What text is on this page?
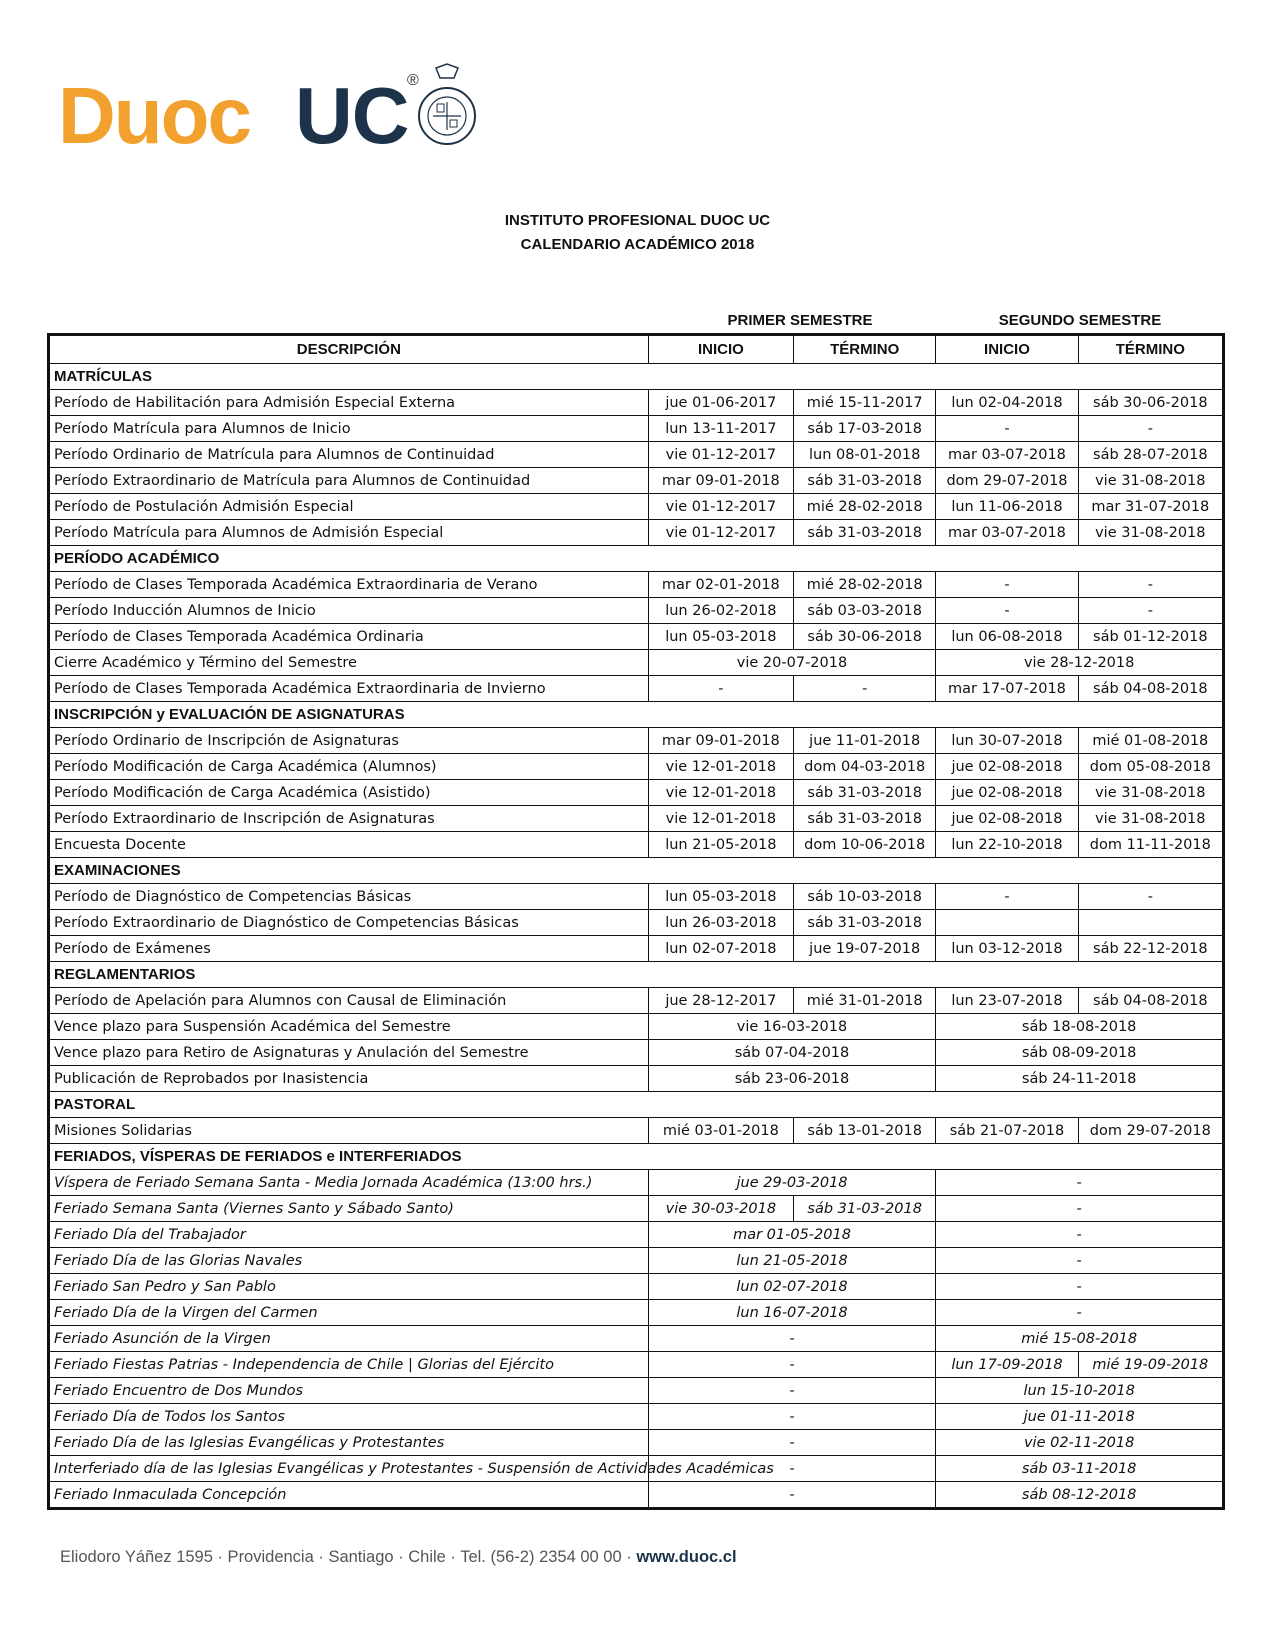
Duoc UC
®
INSTITUTO PROFESIONAL DUOC UC
CALENDARIO ACADÉMICO 2018
PRIMER SEMESTRE	SEGUNDO SEMESTRE
DESCRIPCIÓN	INICIO	TÉRMINO	INICIO	TÉRMINO
MATRÍCULAS				
Período de Habilitación para Admisión Especial Externa	jue 01-06-2017	mié 15-11-2017	lun 02-04-2018	sáb 30-06-2018
Período Matrícula para Alumnos de Inicio	lun 13-11-2017	sáb 17-03-2018	-	-
Período Ordinario de Matrícula para Alumnos de Continuidad	vie 01-12-2017	lun 08-01-2018	mar 03-07-2018	sáb 28-07-2018
Período Extraordinario de Matrícula para Alumnos de Continuidad	mar 09-01-2018	sáb 31-03-2018	dom 29-07-2018	vie 31-08-2018
Período de Postulación Admisión Especial	vie 01-12-2017	mié 28-02-2018	lun 11-06-2018	mar 31-07-2018
Período Matrícula para Alumnos de Admisión Especial	vie 01-12-2017	sáb 31-03-2018	mar 03-07-2018	vie 31-08-2018
PERÍODO ACADÉMICO				
Período de Clases Temporada Académica Extraordinaria de Verano	mar 02-01-2018	mié 28-02-2018	-	-
Período Inducción Alumnos de Inicio	lun 26-02-2018	sáb 03-03-2018	-	-
Período de Clases Temporada Académica Ordinaria	lun 05-03-2018	sáb 30-06-2018	lun 06-08-2018	sáb 01-12-2018
Cierre Académico y Término del Semestre	vie 20-07-2018		vie 28-12-2018	
Período de Clases Temporada Académica Extraordinaria de Invierno	-	-	mar 17-07-2018	sáb 04-08-2018
INSCRIPCIÓN y EVALUACIÓN DE ASIGNATURAS				
Período Ordinario de Inscripción de Asignaturas	mar 09-01-2018	jue 11-01-2018	lun 30-07-2018	mié 01-08-2018
Período Modificación de Carga Académica (Alumnos)	vie 12-01-2018	dom 04-03-2018	jue 02-08-2018	dom 05-08-2018
Período Modificación de Carga Académica (Asistido)	vie 12-01-2018	sáb 31-03-2018	jue 02-08-2018	vie 31-08-2018
Período Extraordinario de Inscripción de Asignaturas	vie 12-01-2018	sáb 31-03-2018	jue 02-08-2018	vie 31-08-2018
Encuesta Docente	lun 21-05-2018	dom 10-06-2018	lun 22-10-2018	dom 11-11-2018
EXAMINACIONES				
Período de Diagnóstico de Competencias Básicas	lun 05-03-2018	sáb 10-03-2018	-	-
Período Extraordinario de Diagnóstico de Competencias Básicas	lun 26-03-2018	sáb 31-03-2018		
Período de Exámenes	lun 02-07-2018	jue 19-07-2018	lun 03-12-2018	sáb 22-12-2018
REGLAMENTARIOS				
Período de Apelación para Alumnos con Causal de Eliminación	jue 28-12-2017	mié 31-01-2018	lun 23-07-2018	sáb 04-08-2018
Vence plazo para Suspensión Académica del Semestre	vie 16-03-2018		sáb 18-08-2018	
Vence plazo para Retiro de Asignaturas y Anulación del Semestre	sáb 07-04-2018		sáb 08-09-2018	
Publicación de Reprobados por Inasistencia	sáb 23-06-2018		sáb 24-11-2018	
PASTORAL				
Misiones Solidarias	mié 03-01-2018	sáb 13-01-2018	sáb 21-07-2018	dom 29-07-2018
FERIADOS, VÍSPERAS DE FERIADOS e INTERFERIADOS				
Víspera de Feriado Semana Santa - Media Jornada Académica (13:00 hrs.)	jue 29-03-2018		-	
Feriado Semana Santa (Viernes Santo y Sábado Santo)	vie 30-03-2018	sáb 31-03-2018	-	
Feriado Día del Trabajador	mar 01-05-2018		-	
Feriado Día de las Glorias Navales	lun 21-05-2018		-	
Feriado San Pedro y San Pablo	lun 02-07-2018		-	
Feriado Día de la Virgen del Carmen	lun 16-07-2018		-	
Feriado Asunción de la Virgen	-		mié 15-08-2018	
Feriado Fiestas Patrias - Independencia de Chile | Glorias del Ejército	-		lun 17-09-2018	mié 19-09-2018
Feriado Encuentro de Dos Mundos	-		lun 15-10-2018	
Feriado Día de Todos los Santos	-		jue 01-11-2018	
Feriado Día de las Iglesias Evangélicas y Protestantes	-		vie 02-11-2018	
Interferiado día de las Iglesias Evangélicas y Protestantes - Suspensión de Actividades Académicas	-		sáb 03-11-2018	
Feriado Inmaculada Concepción	-		sáb 08-12-2018	
Eliodoro Yáñez 1595 · Providencia · Santiago · Chile · Tel. (56-2) 2354 00 00 · www.duoc.cl
